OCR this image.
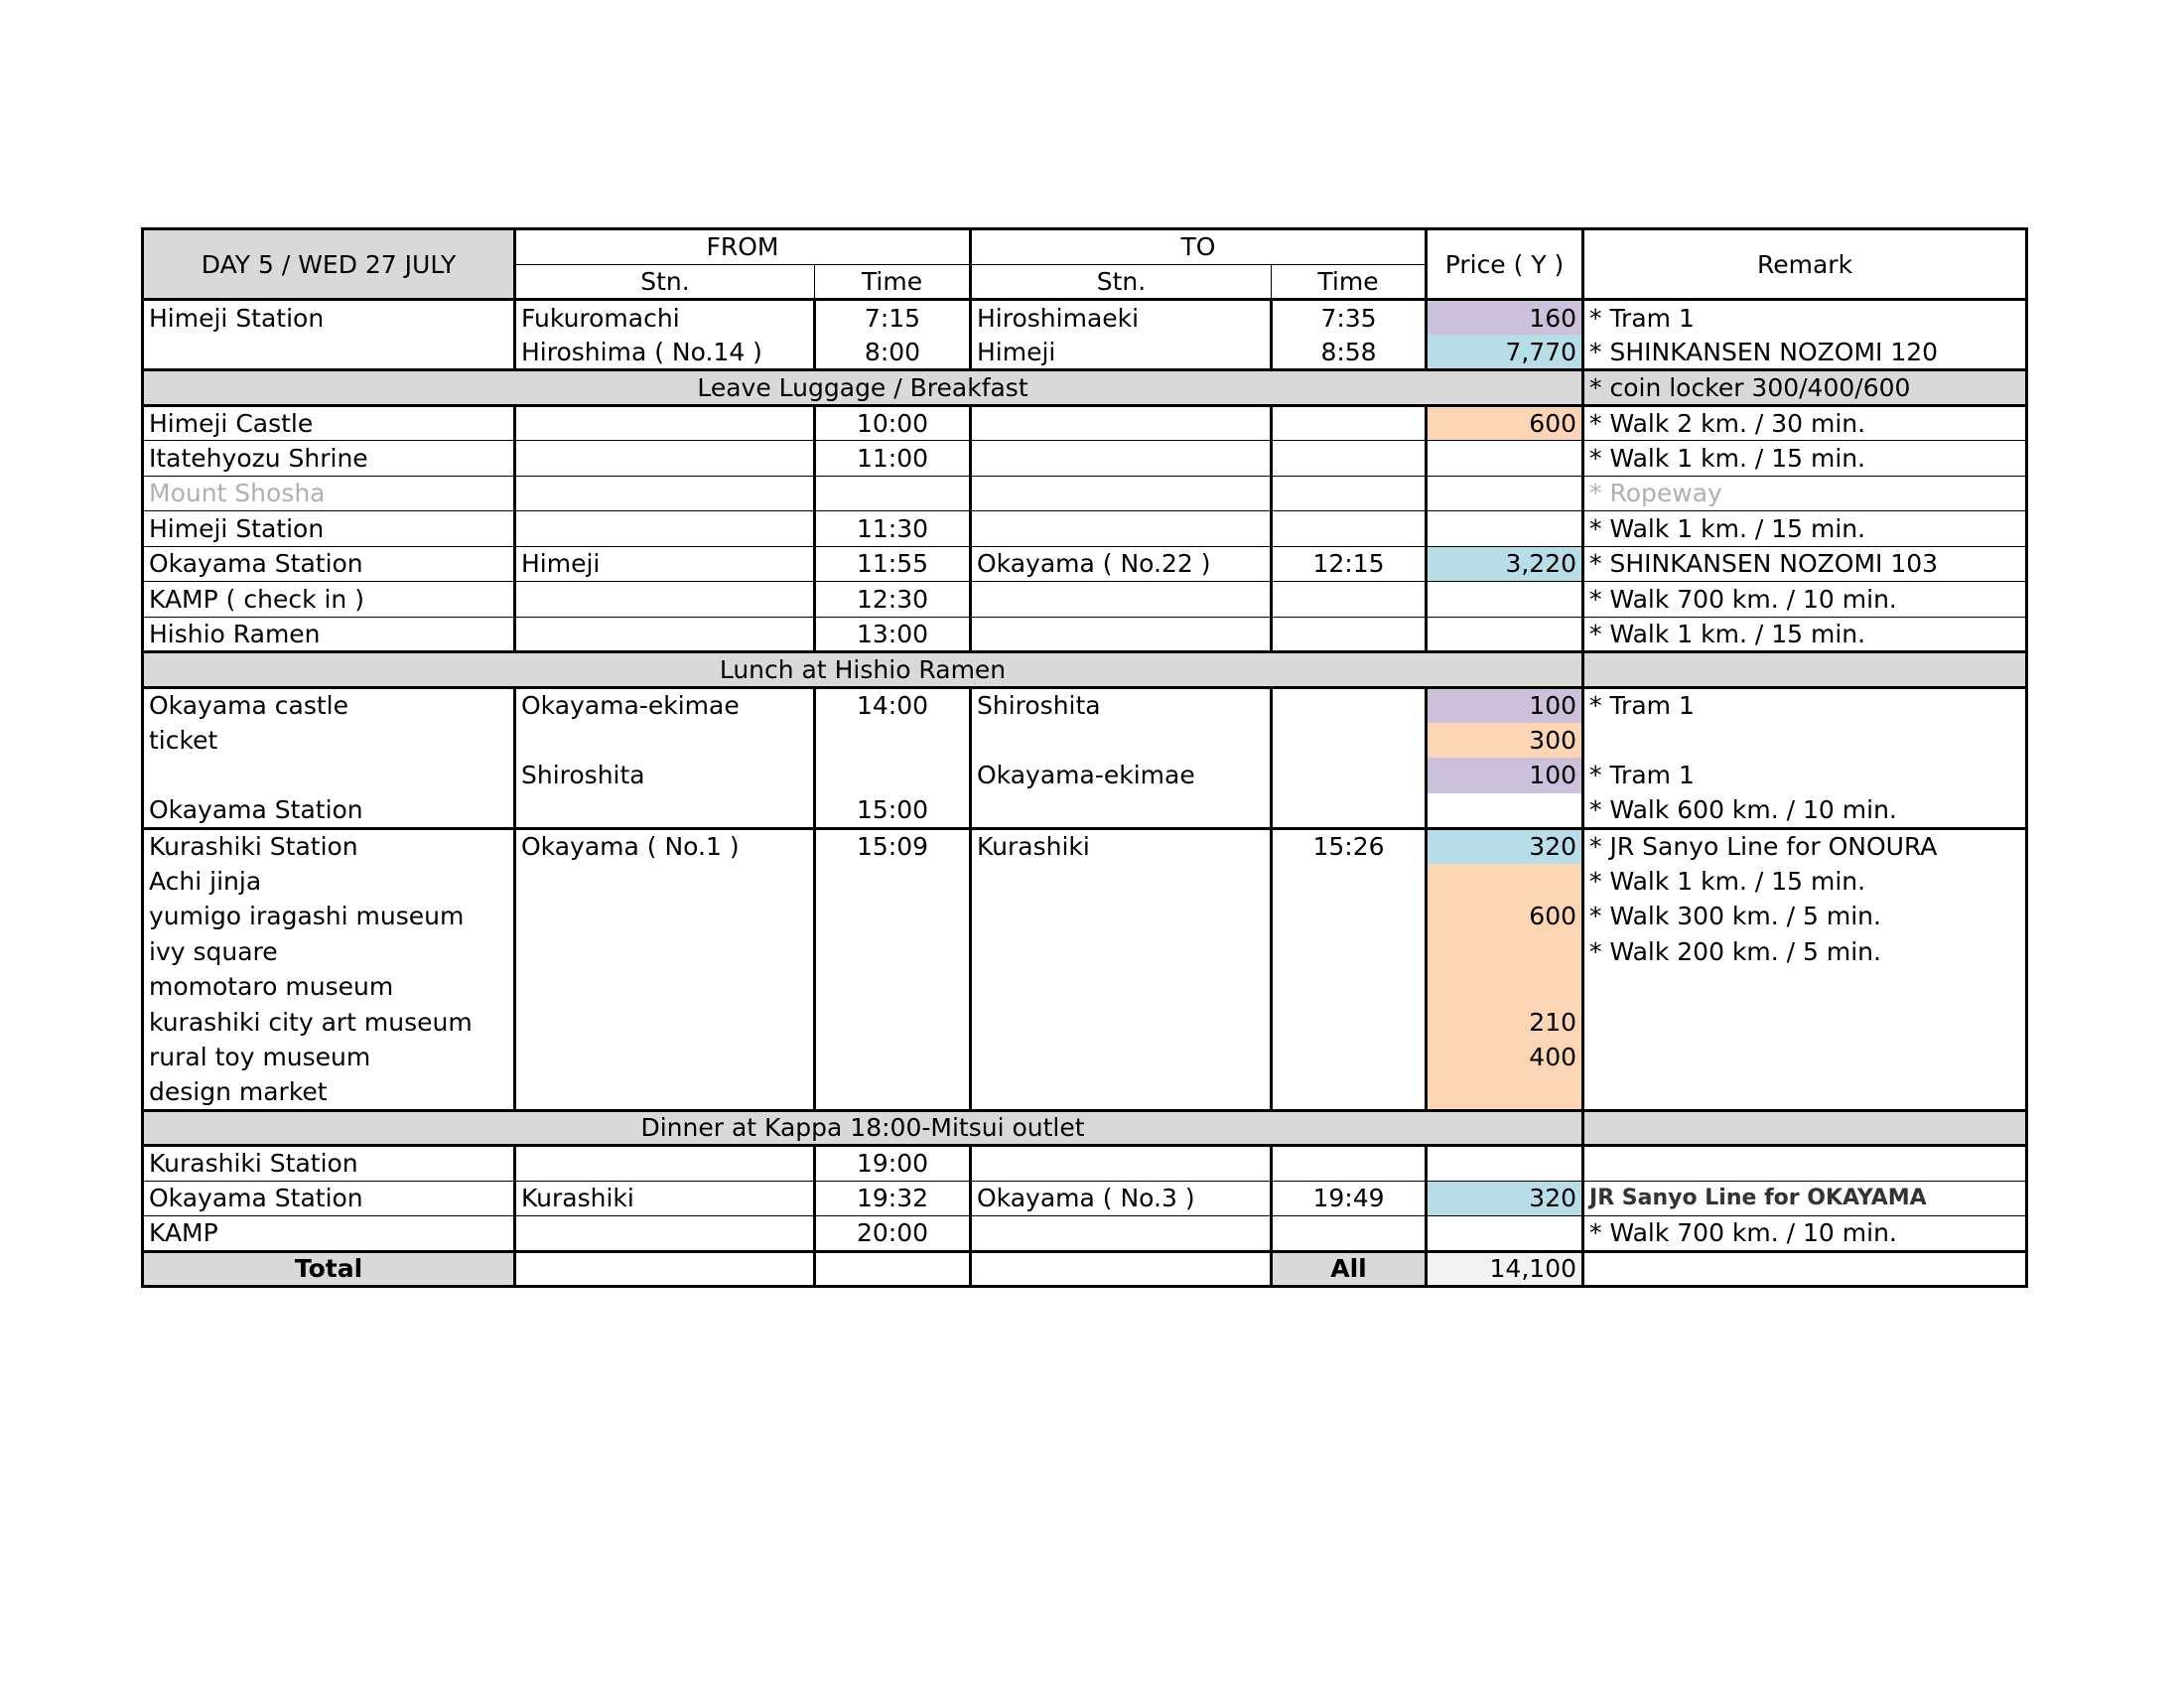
DAY 5 / WED 27 JULY	FROM		TO		Price ( Y )	Remark
	Stn.	Time	Stn.	Time		
Himeji Station	Fukuromachi	7:15	Hiroshimaeki	7:35	160	* Tram 1
	Hiroshima ( No.14 )	8:00	Himeji	8:58	7,770	* SHINKANSEN NOZOMI 120
Leave Luggage / Breakfast						* coin locker 300/400/600
Himeji Castle		10:00			600	* Walk 2 km. / 30 min.
Itatehyozu Shrine		11:00				* Walk 1 km. / 15 min.
Mount Shosha						* Ropeway
Himeji Station		11:30				* Walk 1 km. / 15 min.
Okayama Station	Himeji	11:55	Okayama ( No.22 )	12:15	3,220	* SHINKANSEN NOZOMI 103
KAMP ( check in )		12:30				* Walk 700 km. / 10 min.
Hishio Ramen		13:00				* Walk 1 km. / 15 min.
Lunch at Hishio Ramen						
Okayama castle	Okayama-ekimae	14:00	Shiroshita		100	* Tram 1
ticket					300	
	Shiroshita		Okayama-ekimae		100	* Tram 1
Okayama Station		15:00				* Walk 600 km. / 10 min.
Kurashiki Station	Okayama ( No.1 )	15:09	Kurashiki	15:26	320	* JR Sanyo Line for ONOURA
Achi jinja						* Walk 1 km. / 15 min.
yumigo iragashi museum					600	* Walk 300 km. / 5 min.
ivy square						* Walk 200 km. / 5 min.
momotaro museum						
kurashiki city art museum					210	
rural toy museum					400	
design market						
Dinner at Kappa 18:00-Mitsui outlet						
Kurashiki Station		19:00				
Okayama Station	Kurashiki	19:32	Okayama ( No.3 )	19:49	320	JR Sanyo Line for OKAYAMA
KAMP		20:00				* Walk 700 km. / 10 min.
Total				All	14,100	
